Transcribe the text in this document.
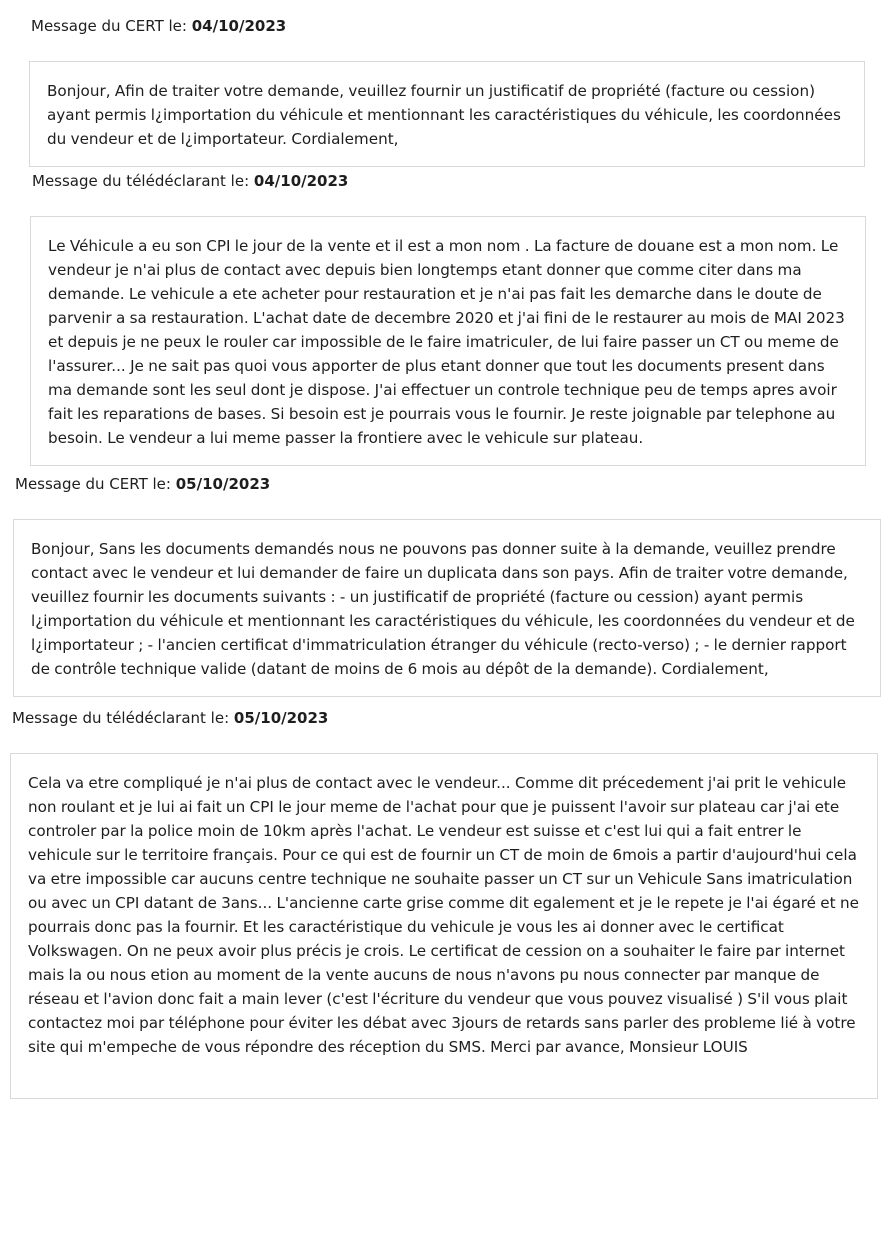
Message du CERT le: 04/10/2023

Bonjour, Afin de traiter votre demande, veuillez fournir un justificatif de propriété (facture ou cession) ayant permis l¿importation du véhicule et mentionnant les caractéristiques du véhicule, les coordonnées du vendeur et de l¿importateur. Cordialement,

Message du télédéclarant le: 04/10/2023

Le Véhicule a eu son CPI le jour de la vente et il est a mon nom . La facture de douane est a mon nom. Le vendeur je n'ai plus de contact avec depuis bien longtemps etant donner que comme citer dans ma demande. Le vehicule a ete acheter pour restauration et je n'ai pas fait les demarche dans le doute de parvenir a sa restauration. L'achat date de decembre 2020 et j'ai fini de le restaurer au mois de MAI 2023 et depuis je ne peux le rouler car impossible de le faire imatriculer, de lui faire passer un CT ou meme de l'assurer... Je ne sait pas quoi vous apporter de plus etant donner que tout les documents present dans ma demande sont les seul dont je dispose. J'ai effectuer un controle technique peu de temps apres avoir fait les reparations de bases. Si besoin est je pourrais vous le fournir. Je reste joignable par telephone au besoin. Le vendeur a lui meme passer la frontiere avec le vehicule sur plateau.

Message du CERT le: 05/10/2023

Bonjour, Sans les documents demandés nous ne pouvons pas donner suite à la demande, veuillez prendre contact avec le vendeur et lui demander de faire un duplicata dans son pays. Afin de traiter votre demande, veuillez fournir les documents suivants : - un justificatif de propriété (facture ou cession) ayant permis l¿importation du véhicule et mentionnant les caractéristiques du véhicule, les coordonnées du vendeur et de l¿importateur ; - l'ancien certificat d'immatriculation étranger du véhicule (recto-verso) ; - le dernier rapport de contrôle technique valide (datant de moins de 6 mois au dépôt de la demande). Cordialement,

Message du télédéclarant le: 05/10/2023

Cela va etre compliqué je n'ai plus de contact avec le vendeur... Comme dit précedement j'ai prit le vehicule non roulant et je lui ai fait un CPI le jour meme de l'achat pour que je puissent l'avoir sur plateau car j'ai ete controler par la police moin de 10km après l'achat. Le vendeur est suisse et c'est lui qui a fait entrer le vehicule sur le territoire français. Pour ce qui est de fournir un CT de moin de 6mois a partir d'aujourd'hui cela va etre impossible car aucuns centre technique ne souhaite passer un CT sur un Vehicule Sans imatriculation ou avec un CPI datant de 3ans... L'ancienne carte grise comme dit egalement et je le repete je l'ai égaré et ne pourrais donc pas la fournir. Et les caractéristique du vehicule je vous les ai donner avec le certificat Volkswagen. On ne peux avoir plus précis je crois. Le certificat de cession on a souhaiter le faire par internet mais la ou nous etion au moment de la vente aucuns de nous n'avons pu nous connecter par manque de réseau et l'avion donc fait a main lever (c'est l'écriture du vendeur que vous pouvez visualisé ) S'il vous plait contactez moi par téléphone pour éviter les débat avec 3jours de retards sans parler des probleme lié à votre site qui m'empeche de vous répondre des réception du SMS. Merci par avance, Monsieur LOUIS
